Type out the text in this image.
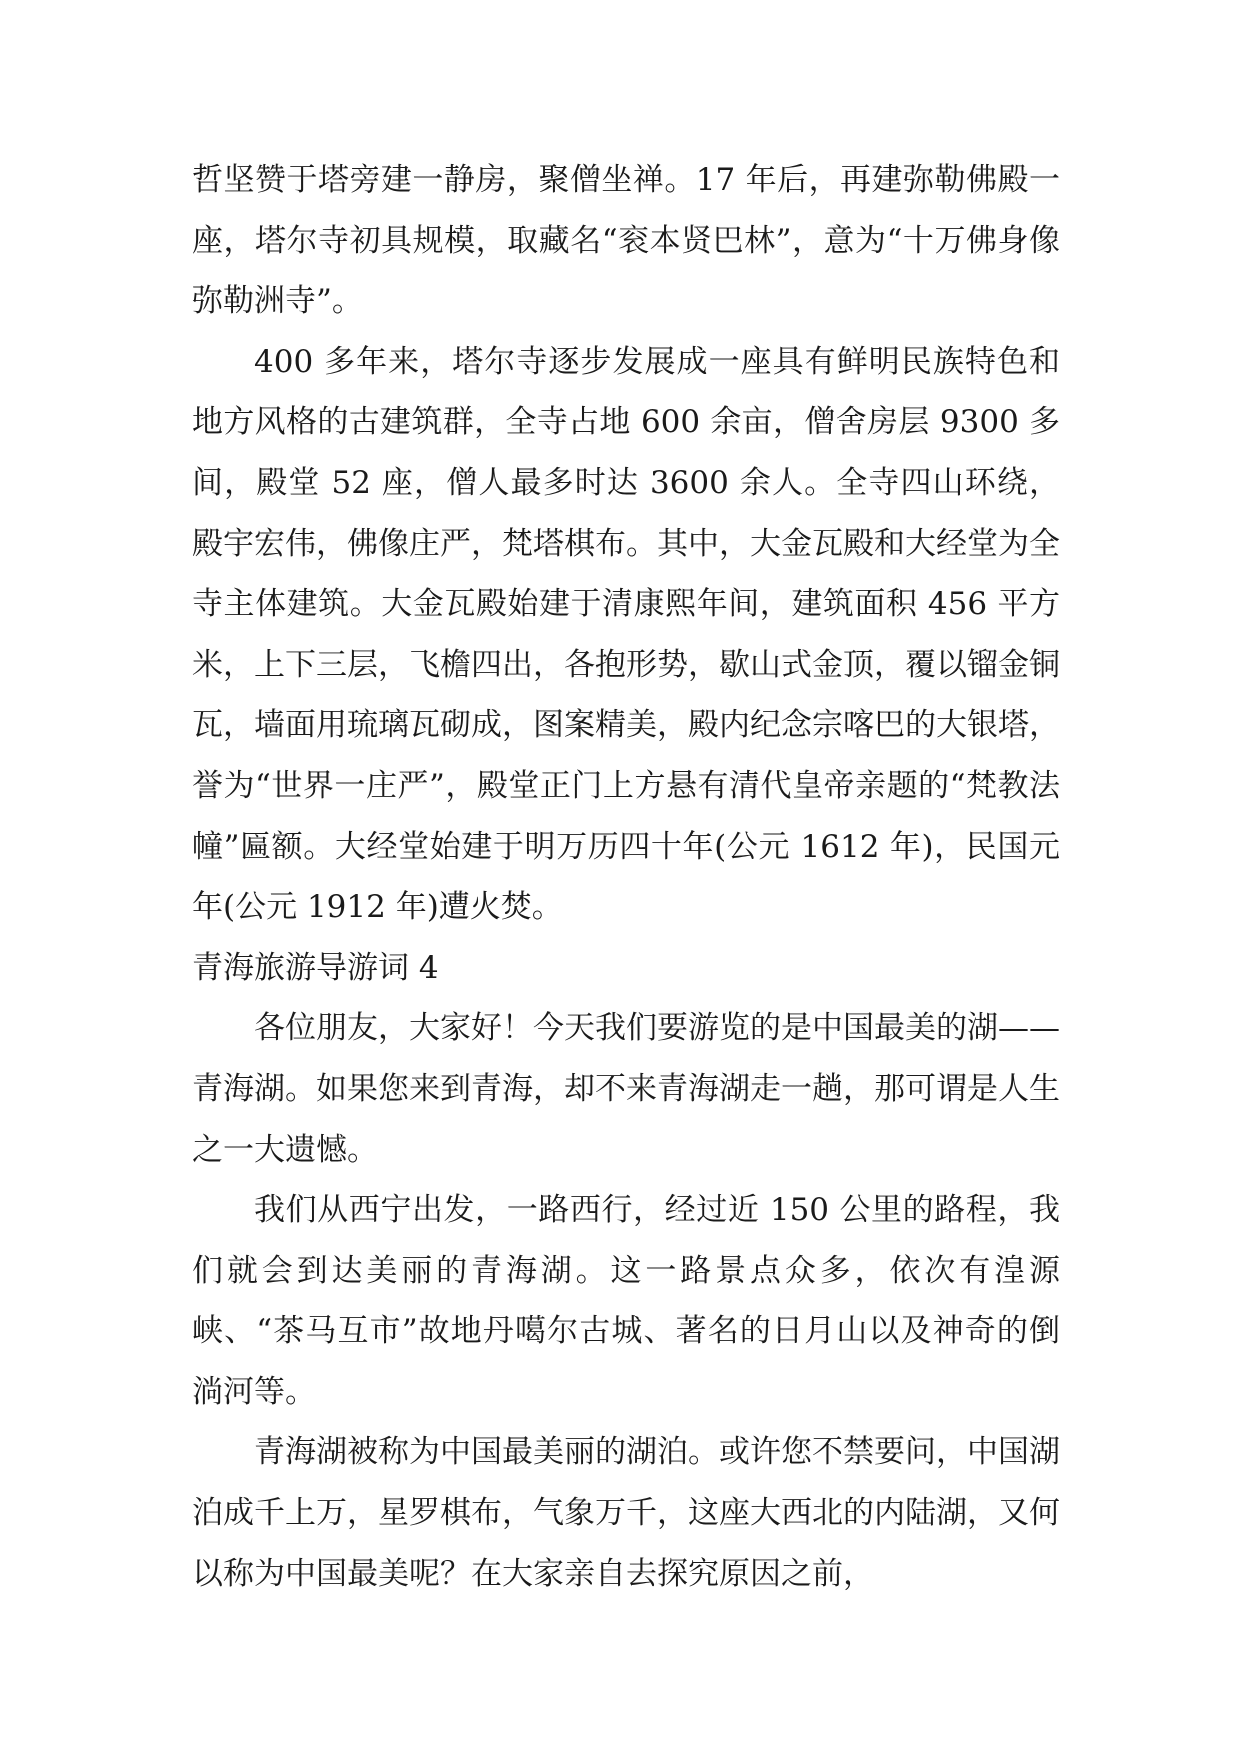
哲坚赞于塔旁建一静房，聚僧坐禅。17 年后，再建弥勒佛殿一座，塔尔寺初具规模，取藏名“衮本贤巴林”，意为“十万佛身像弥勒洲寺”。

400 多年来，塔尔寺逐步发展成一座具有鲜明民族特色和地方风格的古建筑群，全寺占地 600 余亩，僧舍房层 9300 多间，殿堂 52 座，僧人最多时达 3600 余人。全寺四山环绕，殿宇宏伟，佛像庄严，梵塔棋布。其中，大金瓦殿和大经堂为全寺主体建筑。大金瓦殿始建于清康熙年间，建筑面积 456 平方米，上下三层，飞檐四出，各抱形势，歇山式金顶，覆以镏金铜瓦，墙面用琉璃瓦砌成，图案精美，殿内纪念宗喀巴的大银塔，誉为“世界一庄严”，殿堂正门上方悬有清代皇帝亲题的“梵教法幢”匾额。大经堂始建于明万历四十年(公元 1612 年)，民国元年(公元 1912 年)遭火焚。

青海旅游导游词 4

各位朋友，大家好！今天我们要游览的是中国最美的湖——青海湖。如果您来到青海，却不来青海湖走一趟，那可谓是人生之一大遗憾。

我们从西宁出发，一路西行，经过近 150 公里的路程，我们就会到达美丽的青海湖。这一路景点众多，依次有湟源峡、“茶马互市”故地丹噶尔古城、著名的日月山以及神奇的倒淌河等。

青海湖被称为中国最美丽的湖泊。或许您不禁要问，中国湖泊成千上万，星罗棋布，气象万千，这座大西北的内陆湖，又何以称为中国最美呢？在大家亲自去探究原因之前，
